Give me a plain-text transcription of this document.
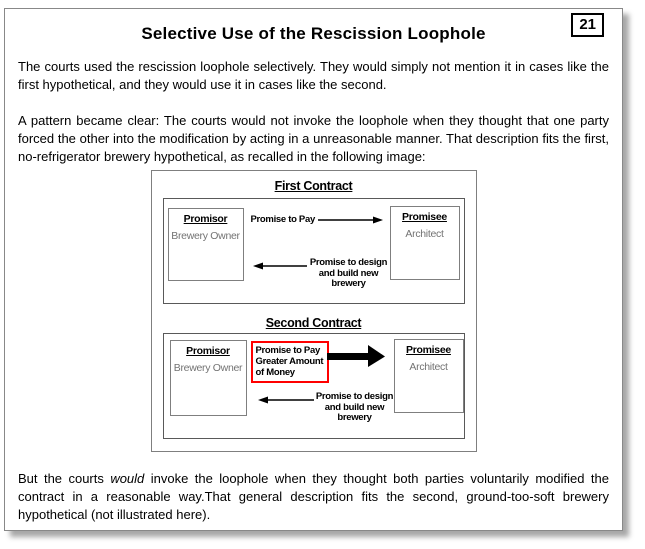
21
Selective Use of the Rescission Loophole

The courts used the rescission loophole selectively. They would simply not mention it in cases like the first hypothetical, and they would use it in cases like the second.

A pattern became clear: The courts would not invoke the loophole when they thought that one party forced the other into the modification by acting in a unreasonable manner. That description fits the first, no-refrigerator brewery hypothetical, as recalled in the following image:

First Contract
Promisor
Brewery Owner
Promise to Pay	Promisee
Architect
Promise to design and build new brewery
Second Contract
Promisor
Brewery Owner
Promise to Pay Greater Amount of Money
Promisee
Architect
Promise to design and build new brewery

But the courts would invoke the loophole when they thought both parties voluntarily modified the contract in a reasonable way.That general description fits the second, ground-too-soft brewery hypothetical (not illustrated here).
